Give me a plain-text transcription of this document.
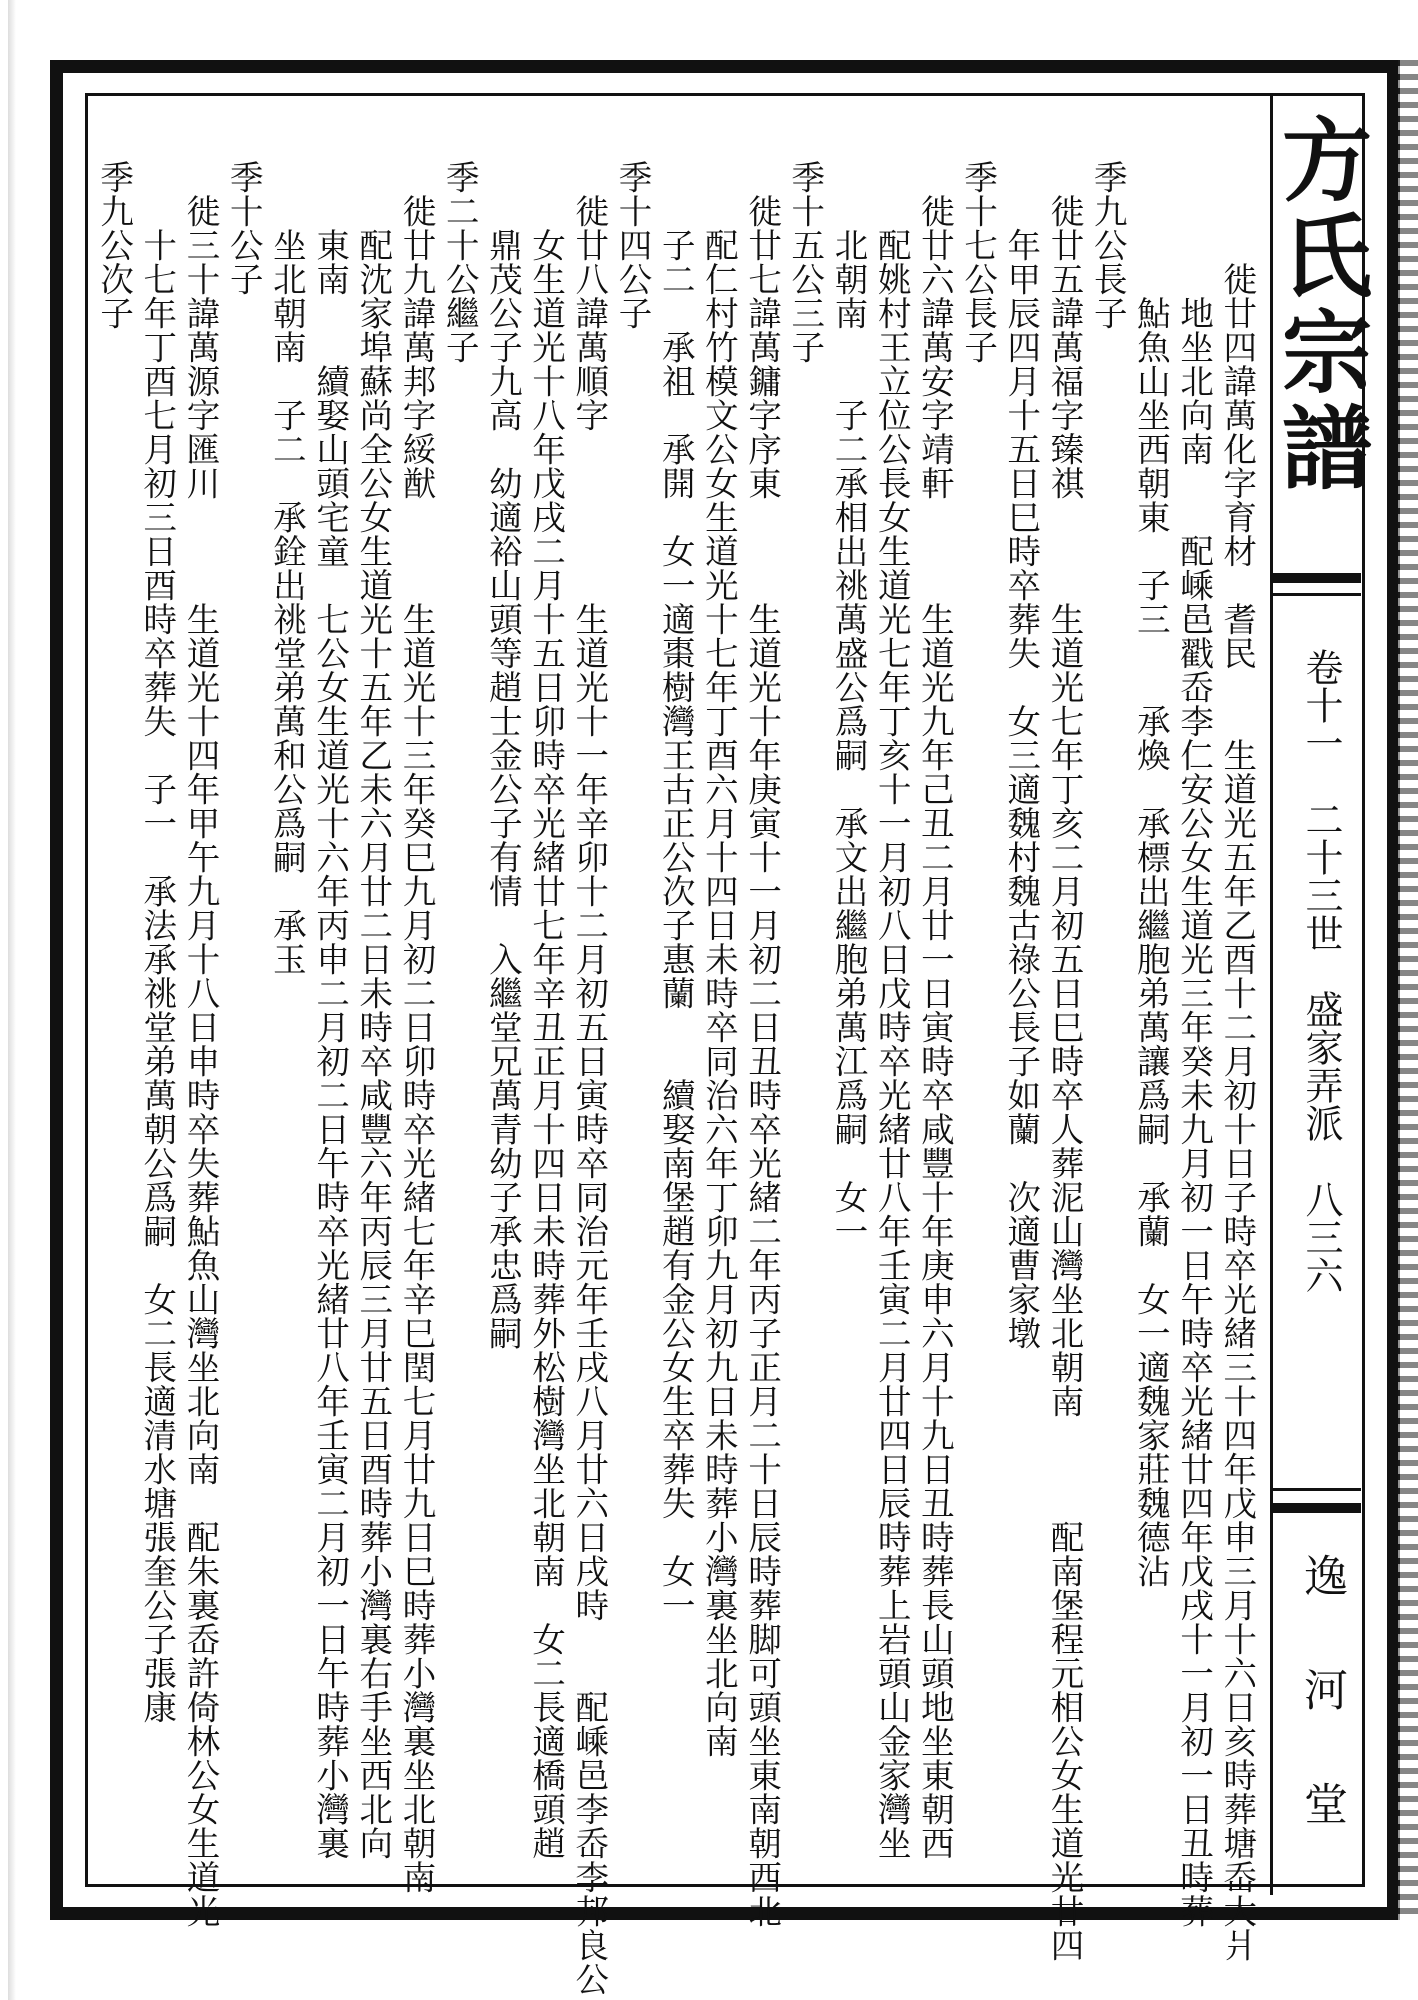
方氏宗譜
卷十一　二十三世　盛家弄派　八三六
逸河堂
徙廿四諱萬化字育材　耆民　　生道光五年乙酉十二月初十日子時卒光緒三十四年戊申三月十六日亥時葬塘岙大爿
地坐北向南　　配嵊邑戳岙李仁安公女生道光三年癸未九月初一日午時卒光緒廿四年戊戌十一月初一日丑時葬
鮎魚山坐西朝東　子三　　承煥　承標出繼胞弟萬讓爲嗣　承蘭　女一適魏家莊魏德沾
季九公長子
徙廿五諱萬福字臻祺　　　生道光七年丁亥二月初五日巳時卒人葬泥山灣坐北朝南　　　配南堡程元相公女生道光廿四
年甲辰四月十五日巳時卒葬失　女三適魏村魏古祿公長子如蘭　次適曹家墩
季十七公長子
徙廿六諱萬安字靖軒　　　生道光九年己丑二月廿一日寅時卒咸豐十年庚申六月十九日丑時葬長山頭地坐東朝西
配姚村王立位公長女生道光七年丁亥十一月初八日戊時卒光緒廿八年壬寅二月廿四日辰時葬上岩頭山金家灣坐
北朝南　　子二承相出祧萬盛公爲嗣　承文出繼胞弟萬江爲嗣　女一
季十五公三子
徙廿七諱萬鏞字序東　　　生道光十年庚寅十一月初二日丑時卒光緒二年丙子正月二十日辰時葬脚可頭坐東南朝西北
配仁村竹模文公女生道光十七年丁酉六月十四日未時卒同治六年丁卯九月初九日未時葬小灣裏坐北向南
子二　承祖　承開　女一適棗樹灣王古正公次子惠蘭　　續娶南堡趙有金公女生卒葬失　女一
季十四公子
徙廿八諱萬順字　　　　　生道光十一年辛卯十二月初五日寅時卒同治元年壬戌八月廿六日戌時　　配嵊邑李岙李邦良公
女生道光十八年戊戌二月十五日卯時卒光緒廿七年辛丑正月十四日未時葬外松樹灣坐北朝南　女二長適橋頭趙
鼎茂公子九高　幼適裕山頭等趙士金公子有情　入繼堂兄萬青幼子承忠爲嗣
季二十公繼子
徙廿九諱萬邦字綏猷　　　生道光十三年癸巳九月初二日卯時卒光緒七年辛巳閏七月廿九日巳時葬小灣裏坐北朝南
配沈家埠蘇尚全公女生道光十五年乙未六月廿二日未時卒咸豐六年丙辰三月廿五日酉時葬小灣裏右手坐西北向
東南　　續娶山頭宅童　七公女生道光十六年丙申二月初二日午時卒光緒廿八年壬寅二月初一日午時葬小灣裏
坐北朝南　子二　承銓出祧堂弟萬和公爲嗣　承玉
季十公子
徙三十諱萬源字匯川　　　生道光十四年甲午九月十八日申時卒失葬鮎魚山灣坐北向南　配朱裏岙許倚林公女生道光
十七年丁酉七月初三日酉時卒葬失　子一　承法承祧堂弟萬朝公爲嗣　女二長適清水塘張奎公子張康
季九公次子
